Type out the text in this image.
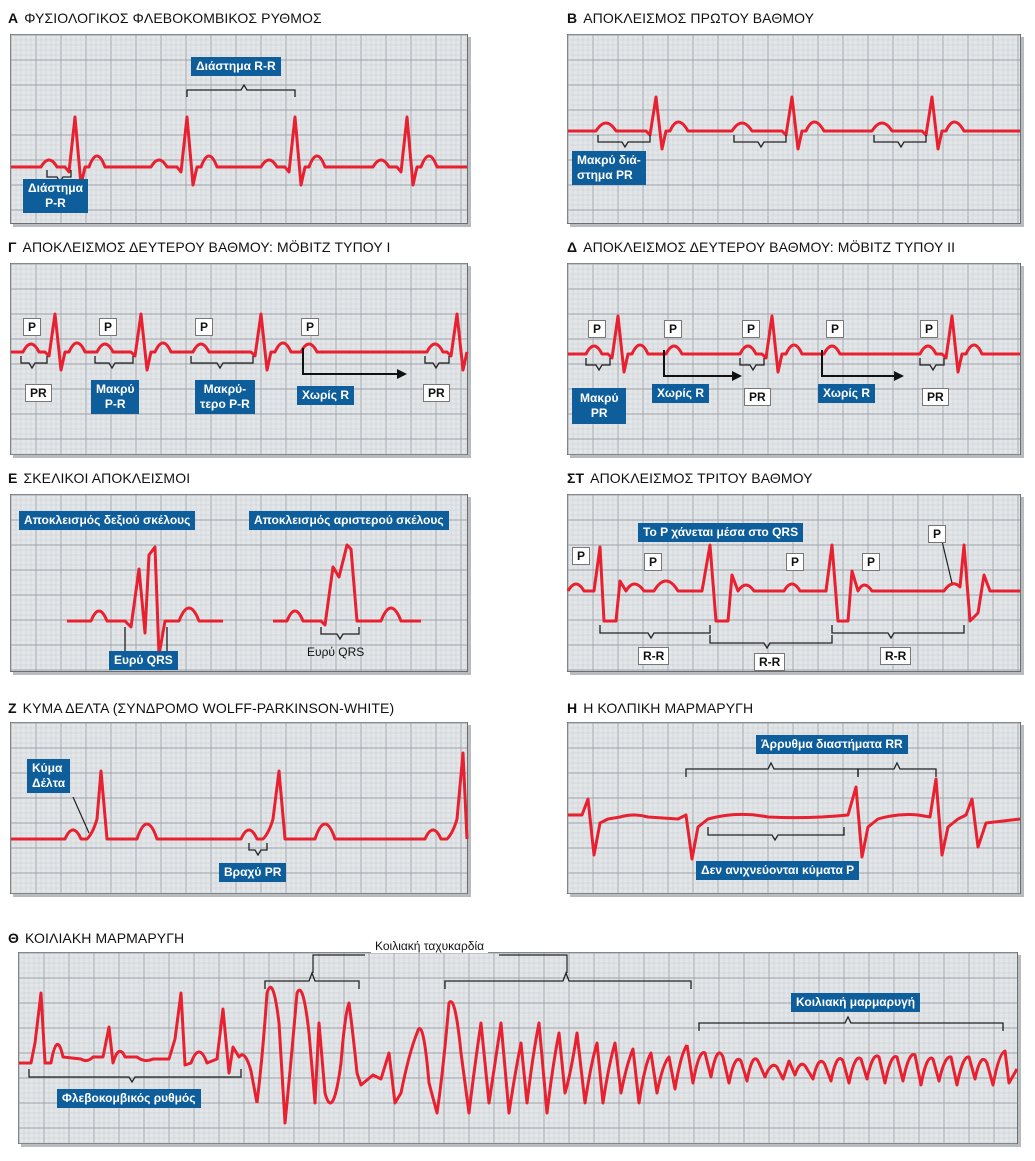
A ΦΥΣΙΟΛΟΓΙΚΟΣ ΦΛΕΒΟΚΟΜΒΙΚΟΣ ΡΥΘΜΟΣ
Διάστημα R-R
Διάστημα
P-R
B ΑΠΟΚΛΕΙΣΜΟΣ ΠΡΩΤΟΥ ΒΑΘΜΟΥ
Μακρύ διά-
στημα PR
Γ ΑΠΟΚΛΕΙΣΜΟΣ ΔΕΥΤΕΡΟΥ ΒΑΘΜΟΥ: MÖBITZ ΤΥΠΟΥ I
P	P	P	P
PR	Μακρύ
P-R
Μακρύ-
τερο P-R
Χωρίς R	PR
Δ ΑΠΟΚΛΕΙΣΜΟΣ ΔΕΥΤΕΡΟΥ ΒΑΘΜΟΥ: MÖBITZ ΤΥΠΟΥ II
P	P	P	P	P
Μακρύ
PR
Χωρίς R	PR	Χωρίς R	PR
E ΣΚΕΛΙΚΟΙ ΑΠΟΚΛΕΙΣΜΟΙ
Αποκλεισμός δεξιού σκέλους	Αποκλεισμός αριστερού σκέλους
Ευρύ QRS
Ευρύ QRS
ΣΤ ΑΠΟΚΛΕΙΣΜΟΣ ΤΡΙΤΟΥ ΒΑΘΜΟΥ
P	P	P	P
P
Το P χάνεται μέσα στο QRS
R-R	R-R	R-R
Z ΚΥΜΑ ΔΕΛΤΑ (ΣΥΝΔΡΟΜΟ WOLFF-PARKINSON-WHITE)
Κύμα
Δέλτα
Βραχύ PR
H Η ΚΟΛΠΙΚΗ ΜΑΡΜΑΡΥΓΗ
Άρρυθμα διαστήματα RR
Δεν ανιχνεύονται κύματα P
Θ ΚΟΙΛΙΑΚΗ ΜΑΡΜΑΡΥΓΗ	Κοιλιακή ταχυκαρδία
Κοιλιακή μαρμαρυγή
Φλεβοκομβικός ρυθμός
